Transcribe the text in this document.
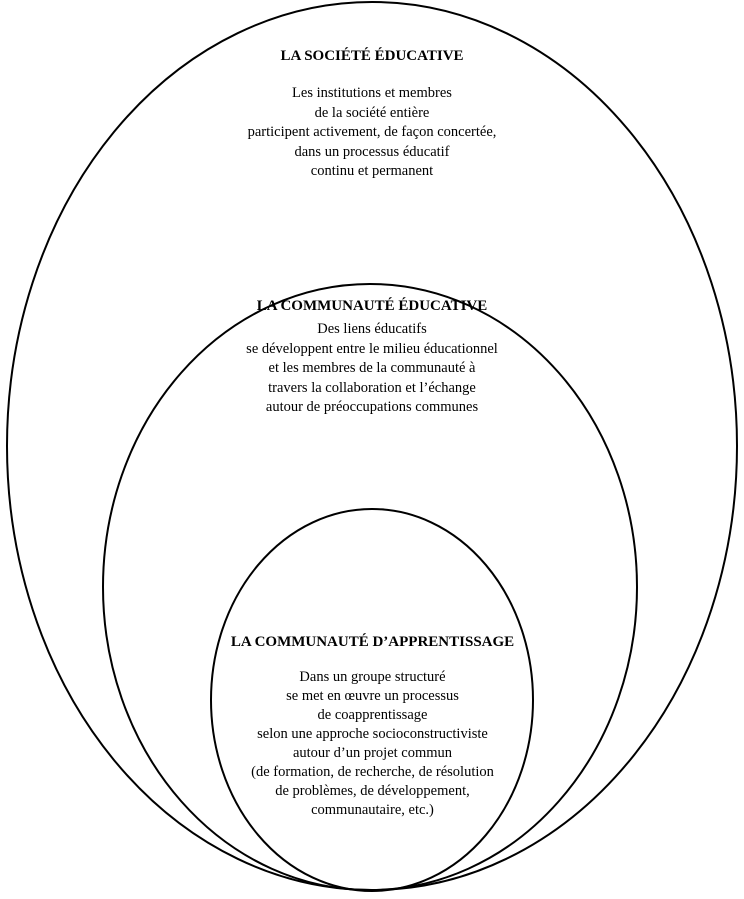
LA SOCIÉTÉ ÉDUCATIVE
Les institutions et membres
de la société entière
participent activement, de façon concertée,
dans un processus éducatif
continu et permanent
LA COMMUNAUTÉ ÉDUCATIVE
Des liens éducatifs
se développent entre le milieu éducationnel
et les membres de la communauté à
travers la collaboration et l’échange
autour de préoccupations communes
LA COMMUNAUTÉ D’APPRENTISSAGE
Dans un groupe structuré
se met en œuvre un processus
de coapprentissage
selon une approche socioconstructiviste
autour d’un projet commun
(de formation, de recherche, de résolution
de problèmes, de développement,
communautaire, etc.)
